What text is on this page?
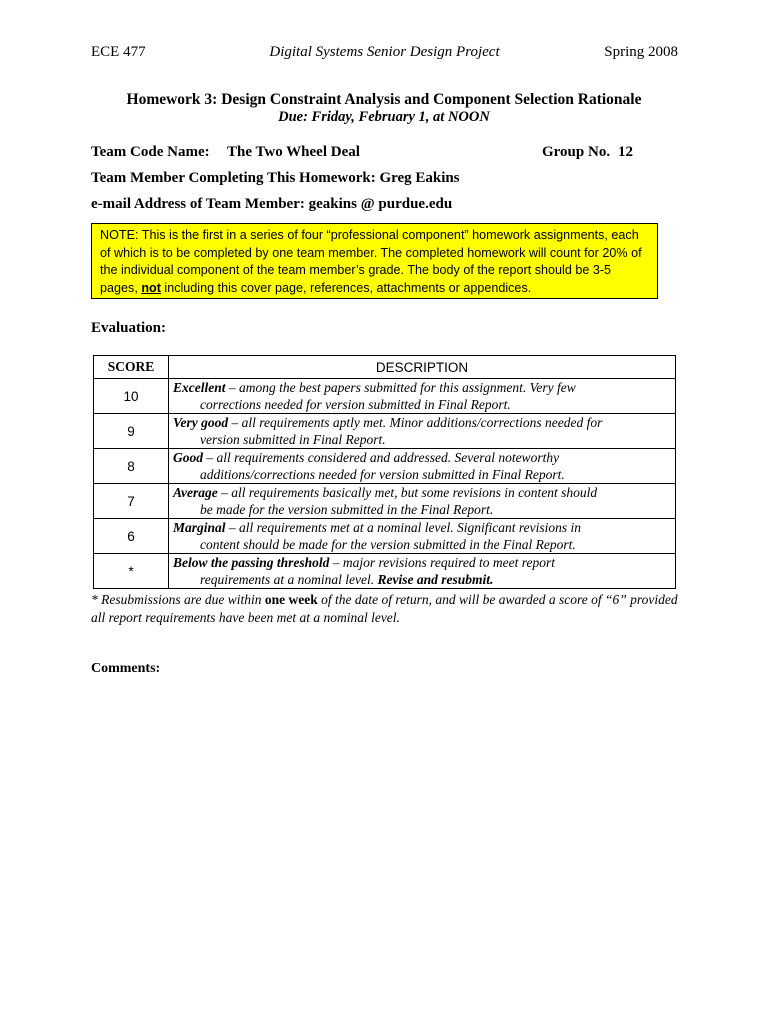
ECE 477	Digital Systems Senior Design Project	Spring 2008
Homework 3: Design Constraint Analysis and Component Selection Rationale
Due: Friday, February 1, at NOON
Team Code Name: The Two Wheel Deal	Group No. 12
Team Member Completing This Homework: Greg Eakins
e-mail Address of Team Member: geakins @ purdue.edu
NOTE: This is the first in a series of four “professional component” homework assignments, each of which is to be completed by one team member. The completed homework will count for 20% of the individual component of the team member’s grade. The body of the report should be 3-5 pages, not including this cover page, references, attachments or appendices.
Evaluation:
SCORE	DESCRIPTION
10	Excellent – among the best papers submitted for this assignment. Very few
corrections needed for version submitted in Final Report.

9	Very good – all requirements aptly met. Minor additions/corrections needed for
version submitted in Final Report.

8	Good – all requirements considered and addressed. Several noteworthy
additions/corrections needed for version submitted in Final Report.

7	Average – all requirements basically met, but some revisions in content should
be made for the version submitted in the Final Report.

6	Marginal – all requirements met at a nominal level. Significant revisions in
content should be made for the version submitted in the Final Report.

*	Below the passing threshold – major revisions required to meet report
requirements at a nominal level. Revise and resubmit.
* Resubmissions are due within one week of the date of return, and will be awarded a score of “6” provided all report requirements have been met at a nominal level.
Comments:
